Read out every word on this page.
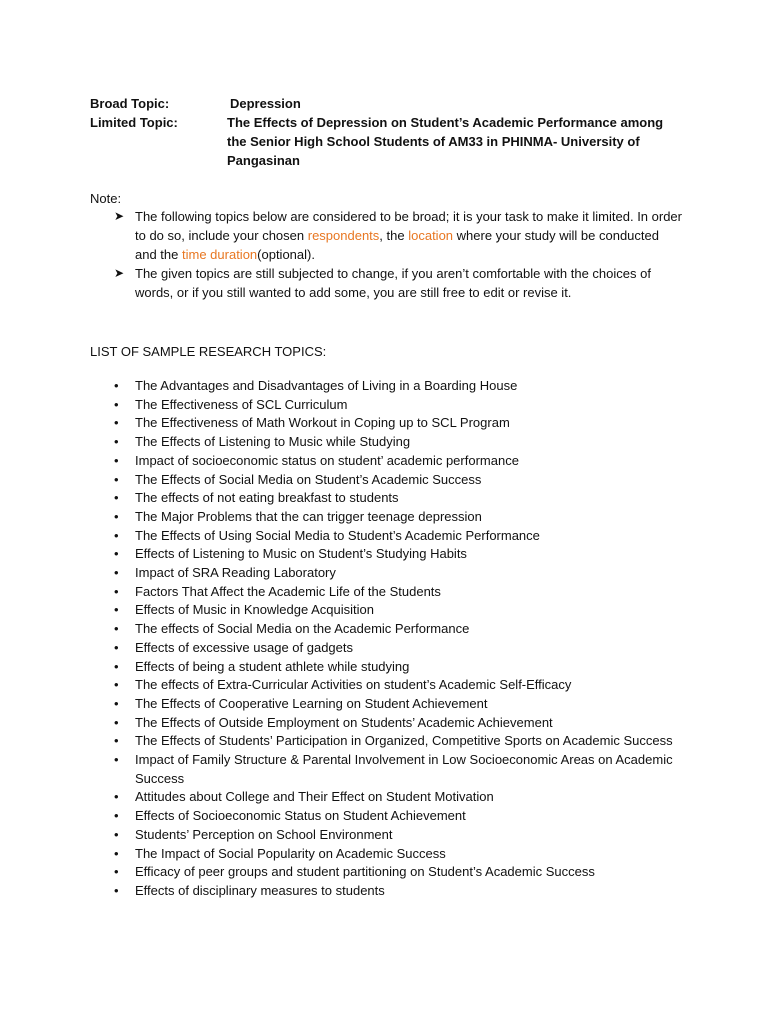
Broad Topic:	Depression
Limited Topic:	The Effects of Depression on Student’s Academic Performance among the Senior High School Students of AM33 in PHINMA- University of Pangasinan
Note:
➤ The following topics below are considered to be broad; it is your task to make it limited. In order to do so, include your chosen respondents, the location where your study will be conducted and the time duration(optional).
➤ The given topics are still subjected to change, if you aren’t comfortable with the choices of words, or if you still wanted to add some, you are still free to edit or revise it.
LIST OF SAMPLE RESEARCH TOPICS:
• The Advantages and Disadvantages of Living in a Boarding House
• The Effectiveness of SCL Curriculum
• The Effectiveness of Math Workout in Coping up to SCL Program
• The Effects of Listening to Music while Studying
• Impact of socioeconomic status on student’ academic performance
• The Effects of Social Media on Student’s Academic Success
• The effects of not eating breakfast to students
• The Major Problems that the can trigger teenage depression
• The Effects of Using Social Media to Student’s Academic Performance
• Effects of Listening to Music on Student’s Studying Habits
• Impact of SRA Reading Laboratory
• Factors That Affect the Academic Life of the Students
• Effects of Music in Knowledge Acquisition
• The effects of Social Media on the Academic Performance
• Effects of excessive usage of gadgets
• Effects of being a student athlete while studying
• The effects of Extra-Curricular Activities on student’s Academic Self-Efficacy
• The Effects of Cooperative Learning on Student Achievement
• The Effects of Outside Employment on Students’ Academic Achievement
• The Effects of Students’ Participation in Organized, Competitive Sports on Academic Success
• Impact of Family Structure & Parental Involvement in Low Socioeconomic Areas on Academic Success
• Attitudes about College and Their Effect on Student Motivation
• Effects of Socioeconomic Status on Student Achievement
• Students’ Perception on School Environment
• The Impact of Social Popularity on Academic Success
• Efficacy of peer groups and student partitioning on Student’s Academic Success
• Effects of disciplinary measures to students
